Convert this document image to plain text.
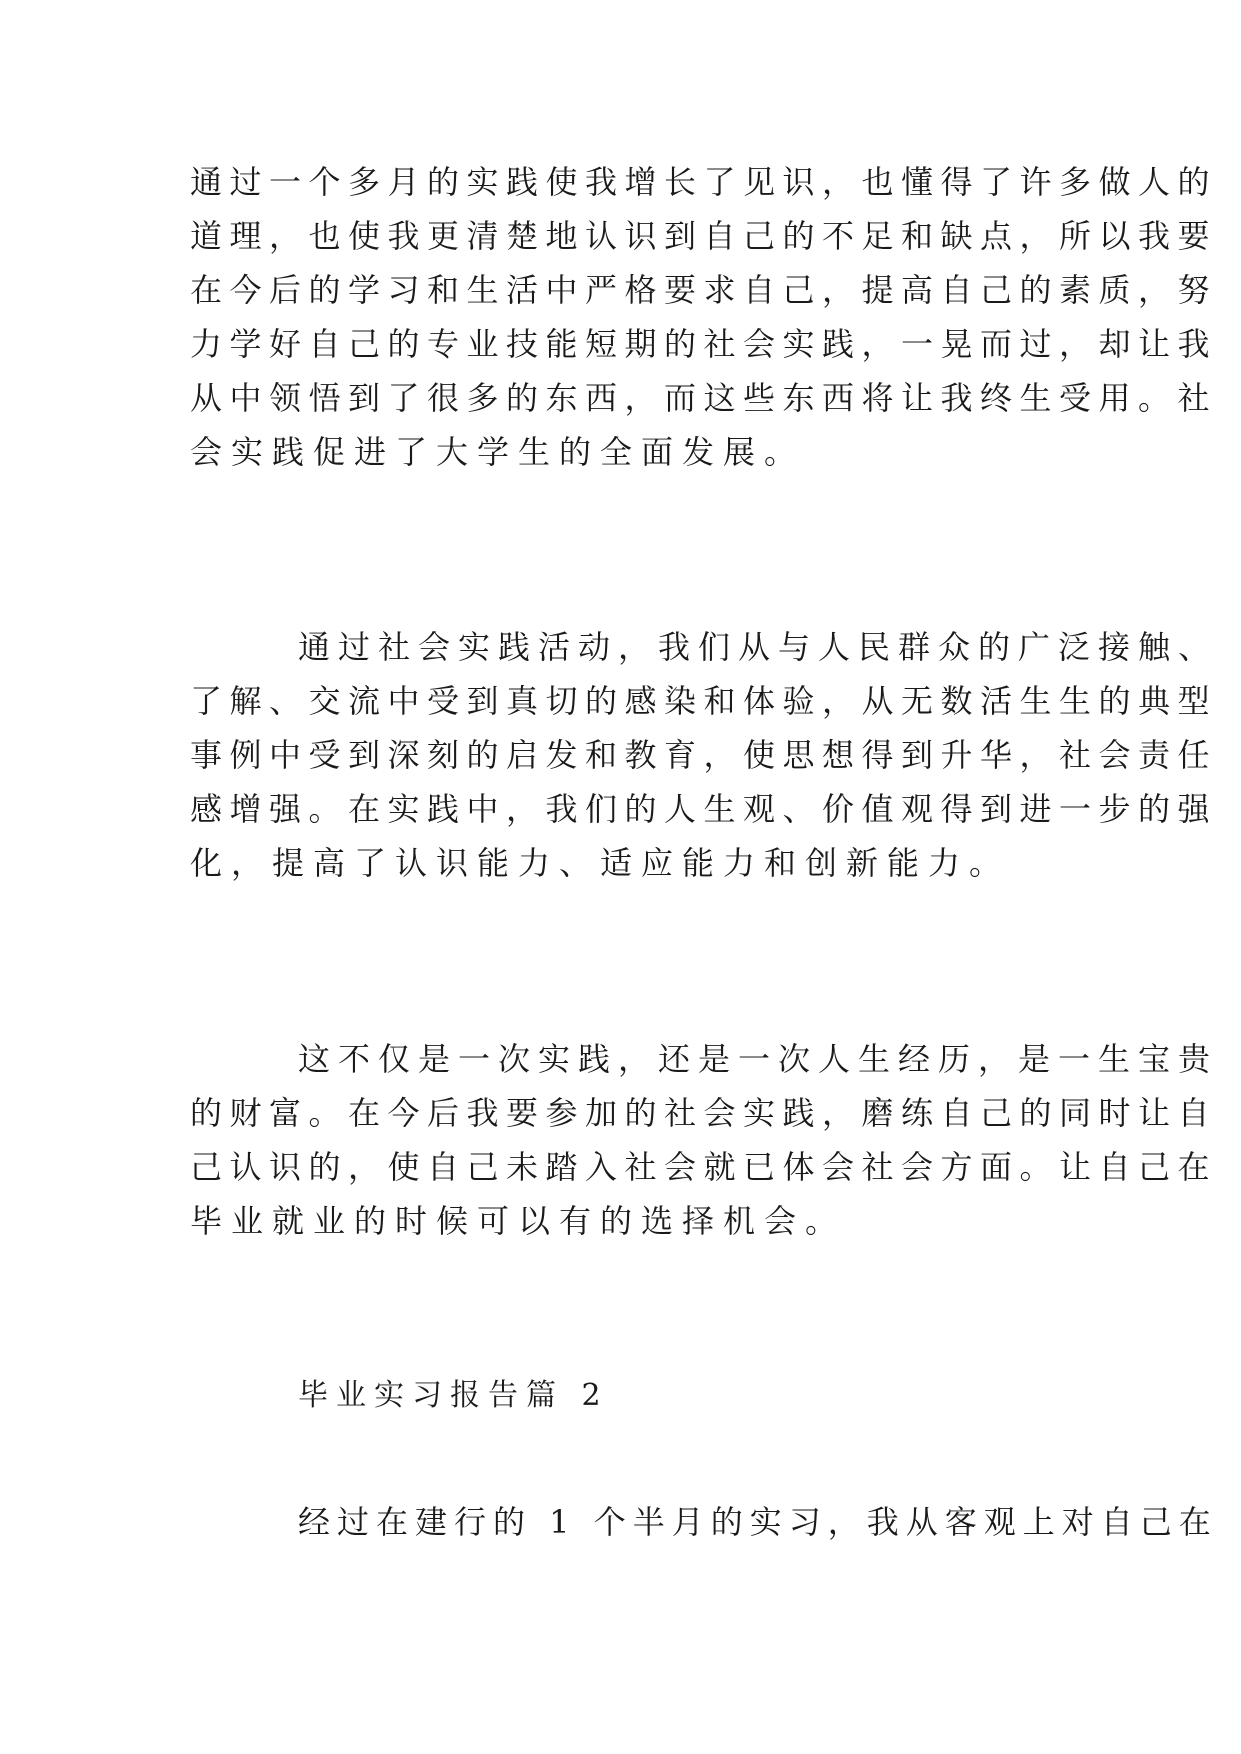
通过一个多月的实践使我增长了见识，也懂得了许多做人的
道理，也使我更清楚地认识到自己的不足和缺点，所以我要
在今后的学习和生活中严格要求自己，提高自己的素质，努
力学好自己的专业技能短期的社会实践，一晃而过，却让我
从中领悟到了很多的东西，而这些东西将让我终生受用。社
会实践促进了大学生的全面发展。
通过社会实践活动，我们从与人民群众的广泛接触、
了解、交流中受到真切的感染和体验，从无数活生生的典型
事例中受到深刻的启发和教育，使思想得到升华，社会责任
感增强。在实践中，我们的人生观、价值观得到进一步的强
化，提高了认识能力、适应能力和创新能力。
这不仅是一次实践，还是一次人生经历，是一生宝贵
的财富。在今后我要参加的社会实践，磨练自己的同时让自
己认识的，使自己未踏入社会就已体会社会方面。让自己在
毕业就业的时候可以有的选择机会。
毕业实习报告篇 2
经过在建行的 1 个半月的实习，我从客观上对自己在
